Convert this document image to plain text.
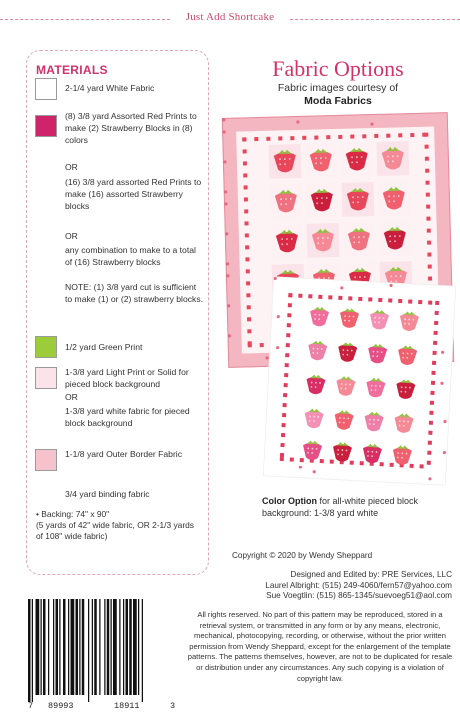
Just Add Shortcake
MATERIALS
2-1/4 yard White Fabric
(8) 3/8 yard Assorted Red Prints to make (2) Strawberry Blocks in (8) colors
OR
(16) 3/8 yard assorted Red Prints to make (16) assorted Strawberry blocks
OR
any combination to make to a total of (16) Strawberry blocks
NOTE: (1) 3/8 yard cut is sufficient to make (1) or (2) strawberry blocks.
1/2 yard Green Print
1-3/8 yard Light Print or Solid for pieced block background
OR
1-3/8 yard white fabric for pieced block background
1-1/8 yard Outer Border Fabric
3/4 yard binding fabric
• Backing: 74" x 90"
(5 yards of 42" wide fabric, OR 2-1/3 yards of 108" wide fabric)
Fabric Options
Fabric images courtesy of
Moda Fabrics
Color Option for all-white pieced block background: 1-3/8 yard white
Copyright © 2020 by Wendy Sheppard
Designed and Edited by: PRE Services, LLC
Laurel Albright: (515) 249-4060/fern57@yahoo.com
Sue Voegtlin: (515) 865-1345/suevoeg51@aol.com
All rights reserved. No part of this pattern may be reproduced, stored in a retrieval system, or transmitted in any form or by any means, electronic, mechanical, photocopying, recording, or otherwise, without the prior written permission from Wendy Sheppard, except for the enlargement of the template patterns. The patterns themselves, however, are not to be duplicated for resale or distribution under any circumstances. Any such copying is a violation of copyright law.
7 89993	18911	3
